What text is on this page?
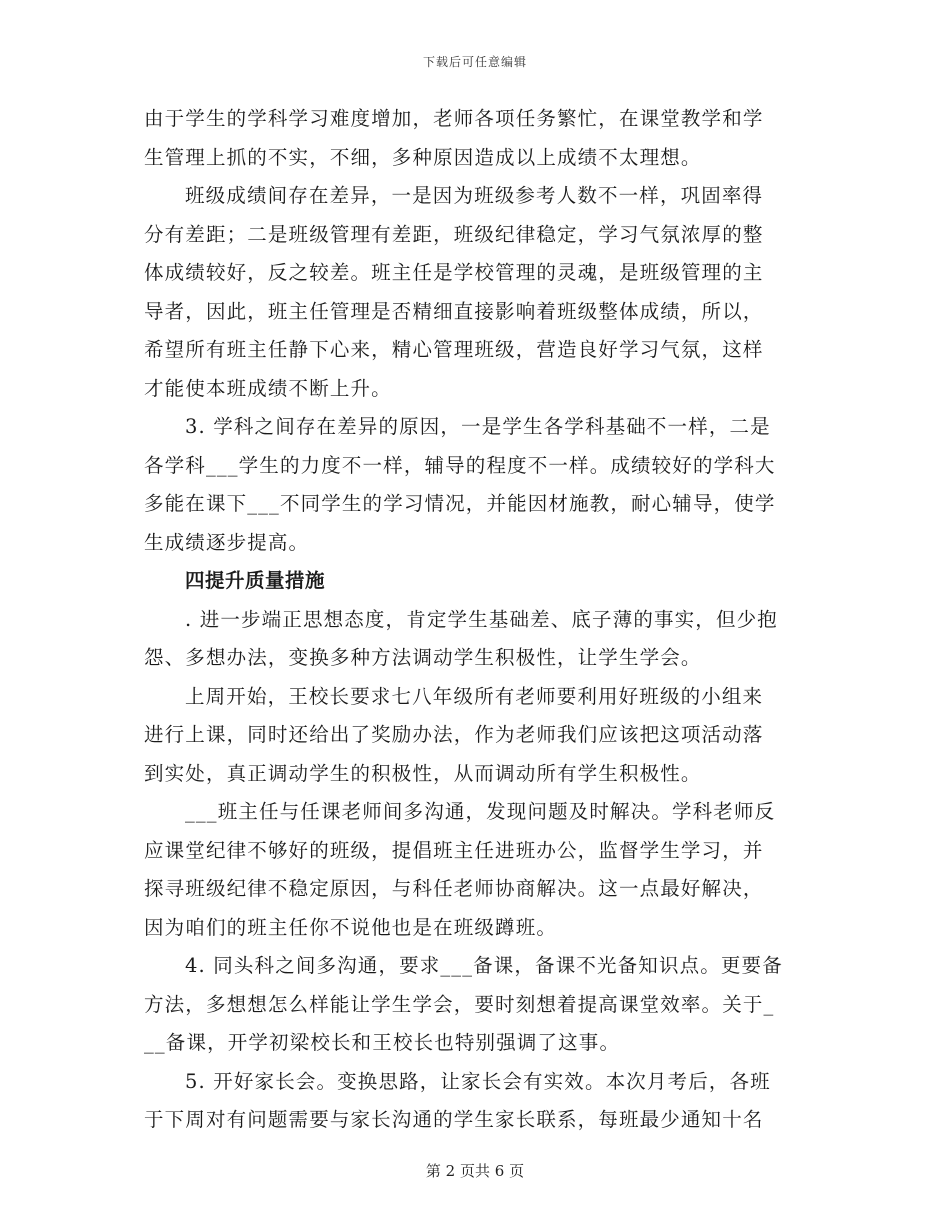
下载后可任意编辑
由于学生的学科学习难度增加，老师各项任务繁忙，在课堂教学和学
生管理上抓的不实，不细，多种原因造成以上成绩不太理想。
班级成绩间存在差异，一是因为班级参考人数不一样，巩固率得
分有差距；二是班级管理有差距，班级纪律稳定，学习气氛浓厚的整
体成绩较好，反之较差。班主任是学校管理的灵魂，是班级管理的主
导者，因此，班主任管理是否精细直接影响着班级整体成绩，所以，
希望所有班主任静下心来，精心管理班级，营造良好学习气氛，这样
才能使本班成绩不断上升。
3. 学科之间存在差异的原因，一是学生各学科基础不一样，二是
各学科___学生的力度不一样，辅导的程度不一样。成绩较好的学科大
多能在课下___不同学生的学习情况，并能因材施教，耐心辅导，使学
生成绩逐步提高。
四提升质量措施
. 进一步端正思想态度，肯定学生基础差、底子薄的事实，但少抱
怨、多想办法，变换多种方法调动学生积极性，让学生学会。
上周开始，王校长要求七八年级所有老师要利用好班级的小组来
进行上课，同时还给出了奖励办法，作为老师我们应该把这项活动落
到实处，真正调动学生的积极性，从而调动所有学生积极性。
___班主任与任课老师间多沟通，发现问题及时解决。学科老师反
应课堂纪律不够好的班级，提倡班主任进班办公，监督学生学习，并
探寻班级纪律不稳定原因，与科任老师协商解决。这一点最好解决，
因为咱们的班主任你不说他也是在班级蹲班。
4. 同头科之间多沟通，要求___备课，备课不光备知识点。更要备
方法，多想想怎么样能让学生学会，要时刻想着提高课堂效率。关于_
__备课，开学初梁校长和王校长也特别强调了这事。
5. 开好家长会。变换思路，让家长会有实效。本次月考后，各班
于下周对有问题需要与家长沟通的学生家长联系，每班最少通知十名
第 2 页共 6 页
